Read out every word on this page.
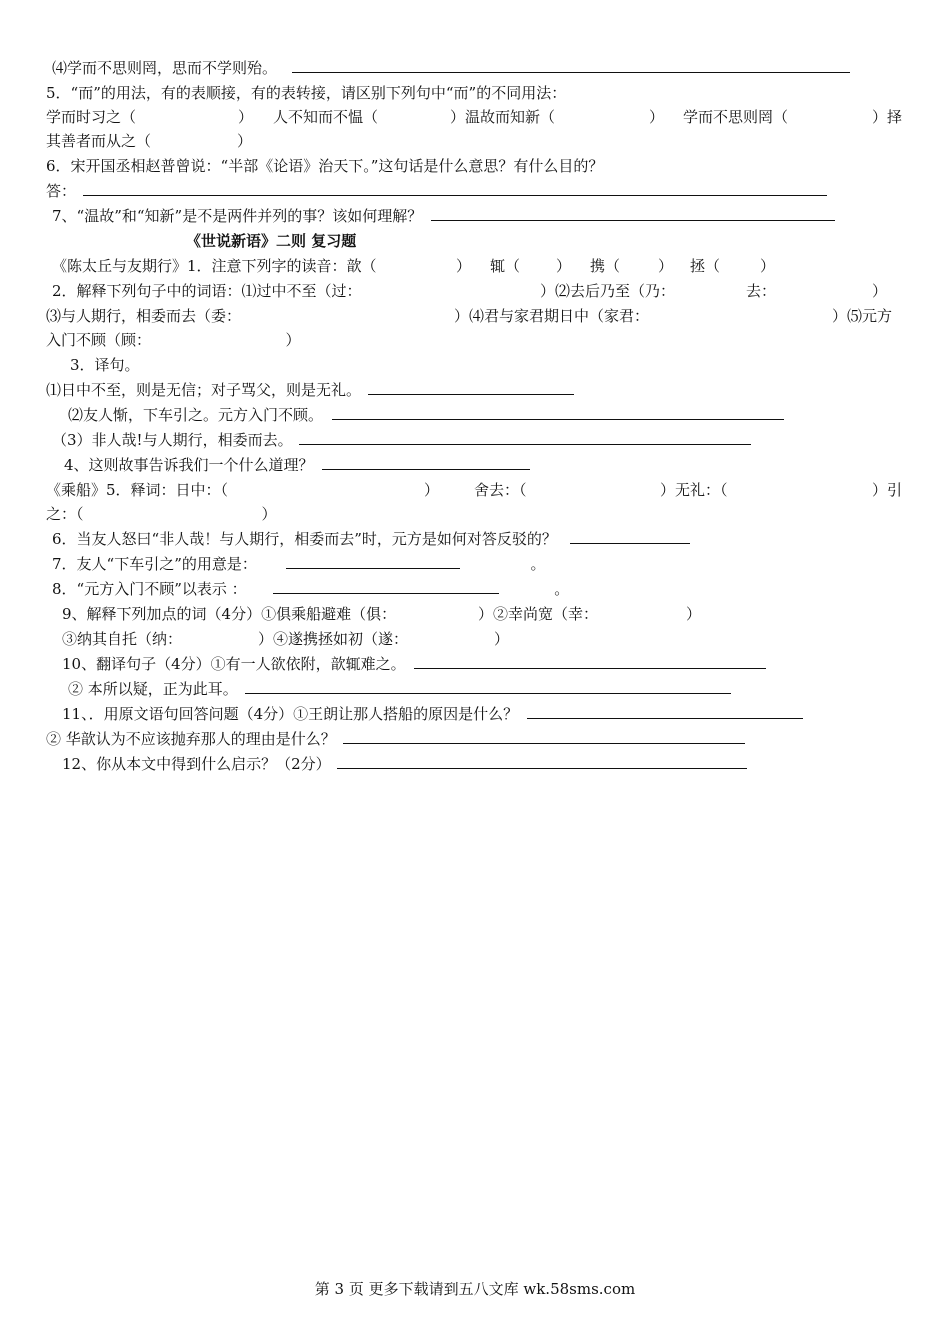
⑷学而不思则罔，思而不学则殆。
5．“而”的用法，有的表顺接，有的表转接，请区别下列句中“而”的不同用法：
学而时习之（	） 人不知而不愠（	）温故而知新（	） 学而不思则罔（	）择
其善者而从之（	）
6．宋开国丞相赵普曾说：“半部《论语》治天下。”这句话是什么意思？有什么目的？
答：
7、“温故”和“知新”是不是两件并列的事？该如何理解？
《世说新语》二则 复习题
《陈太丘与友期行》1．注意下列字的读音：歆（	） 辄（ ） 携（	） 拯（	）
2．解释下列句子中的词语：⑴过中不至（过：	）⑵去后乃至（乃：	去：	）
⑶与人期行，相委而去（委：	）⑷君与家君期日中（家君：	）⑸元方
入门不顾（顾：	）
3．译句。
⑴日中不至，则是无信；对子骂父，则是无礼。
⑵友人惭，下车引之。元方入门不顾。
（3）非人哉!与人期行，相委而去。
4、这则故事告诉我们一个什么道理？
《乘船》5．释词：日中：（	） 舍去：（	）无礼：（	）引
之：（	）
6．当友人怒曰“非人哉！与人期行，相委而去”时，元方是如何对答反驳的？
7．友人“下车引之”的用意是：	。
8．“元方入门不顾”以表示 ：	。
9、解释下列加点的词（4分）①俱乘船避难（俱：	）②幸尚宽（幸：	）
③纳其自托（纳：	）④遂携拯如初（遂：	）
10、翻译句子（4分）①有一人欲依附，歆辄难之。
② 本所以疑，正为此耳。
11、．用原文语句回答问题（4分）①王朗让那人搭船的原因是什么？
② 华歆认为不应该抛弃那人的理由是什么？
12、你从本文中得到什么启示？（2分）
第 3 页 更多下载请到五八文库 wk.58sms.com
